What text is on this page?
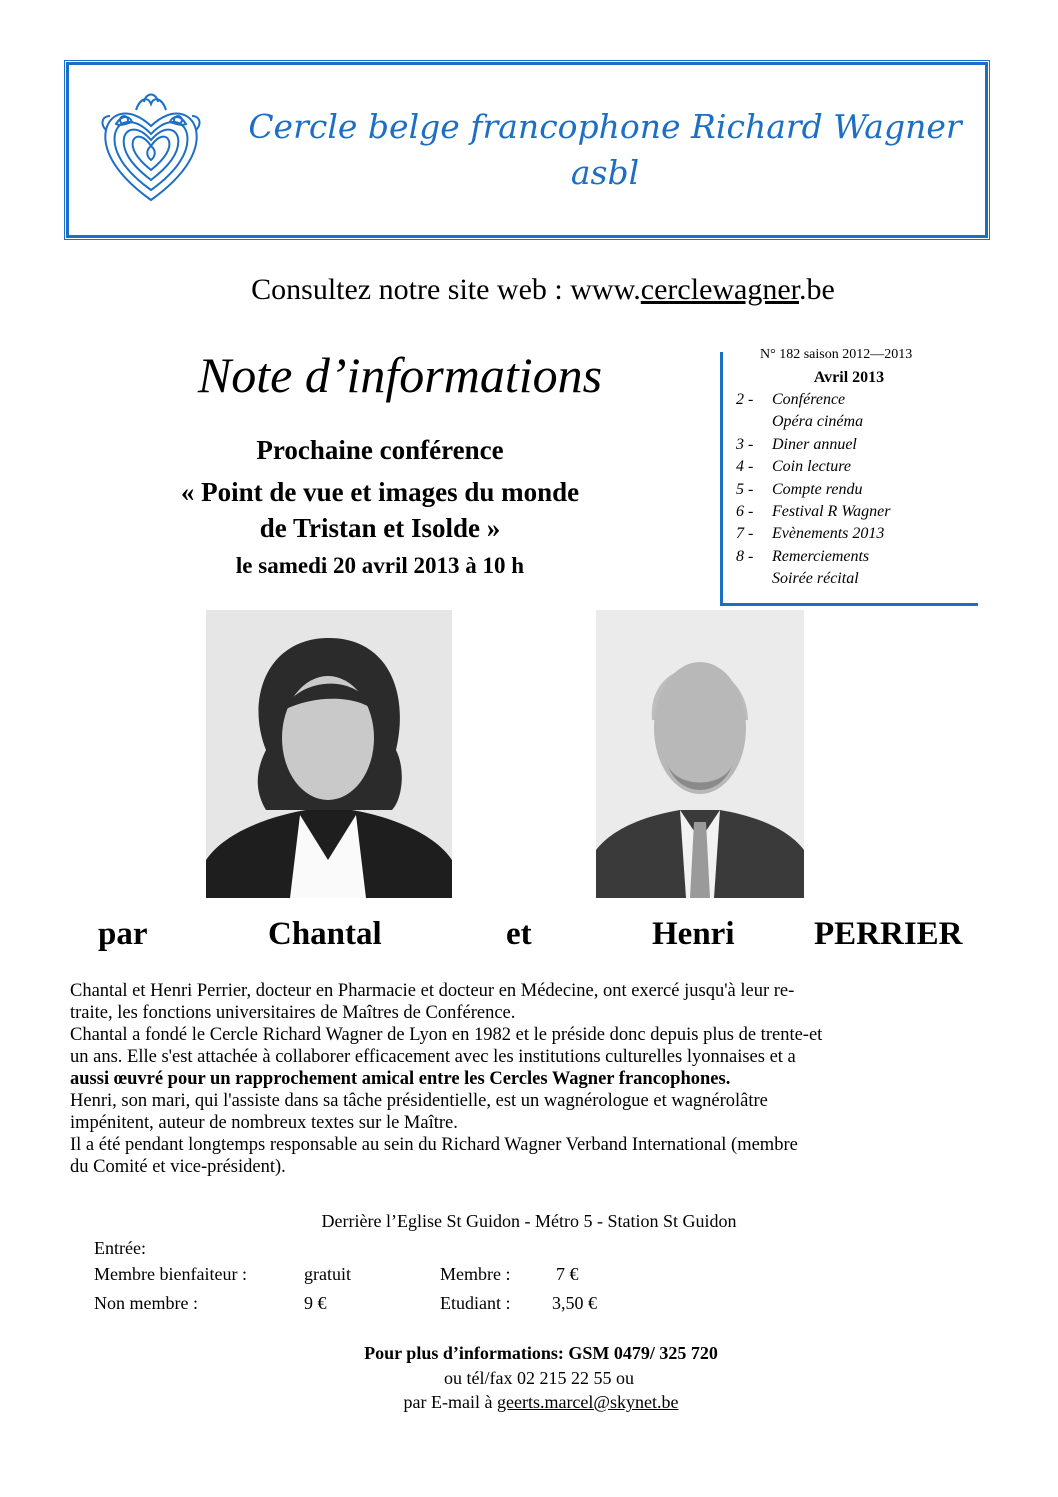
Cercle belge francophone Richard Wagner
asbl
Consultez notre site web : www.cerclewagner.be
Note d’informations
Prochaine conférence
« Point de vue et images du monde
de Tristan et Isolde »
le samedi 20 avril 2013 à 10 h
N° 182 saison 2012—2013
Avril 2013
2 - Conférence
Opéra cinéma
3 - Diner annuel
4 - Coin lecture
5 - Compte rendu
6 - Festival R Wagner
7 - Evènements 2013
8 - Remerciements
Soirée récital
par	Chantal	et	Henri PERRIER

Chantal et Henri Perrier, docteur en Pharmacie et docteur en Médecine, ont exercé jusqu'à leur re-

traite, les fonctions universitaires de Maîtres de Conférence.

Chantal a fondé le Cercle Richard Wagner de Lyon en 1982 et le préside donc depuis plus de trente-et

un ans. Elle s'est attachée à collaborer efficacement avec les institutions culturelles lyonnaises et a

aussi œuvré pour un rapprochement amical entre les Cercles Wagner francophones.

Henri, son mari, qui l'assiste dans sa tâche présidentielle, est un wagnérologue et wagnérolâtre

impénitent, auteur de nombreux textes sur le Maître.

Il a été pendant longtemps responsable au sein du Richard Wagner Verband International (membre

du Comité et vice-président).

Derrière l’Eglise St Guidon - Métro 5 - Station St Guidon
Entrée:
Membre bienfaiteur :	gratuit	Membre :	7 €
Non membre :	9 €	Etudiant : 3,50 €
Pour plus d’informations: GSM 0479/ 325 720
ou tél/fax 02 215 22 55 ou
par E-mail à geerts.marcel@skynet.be
